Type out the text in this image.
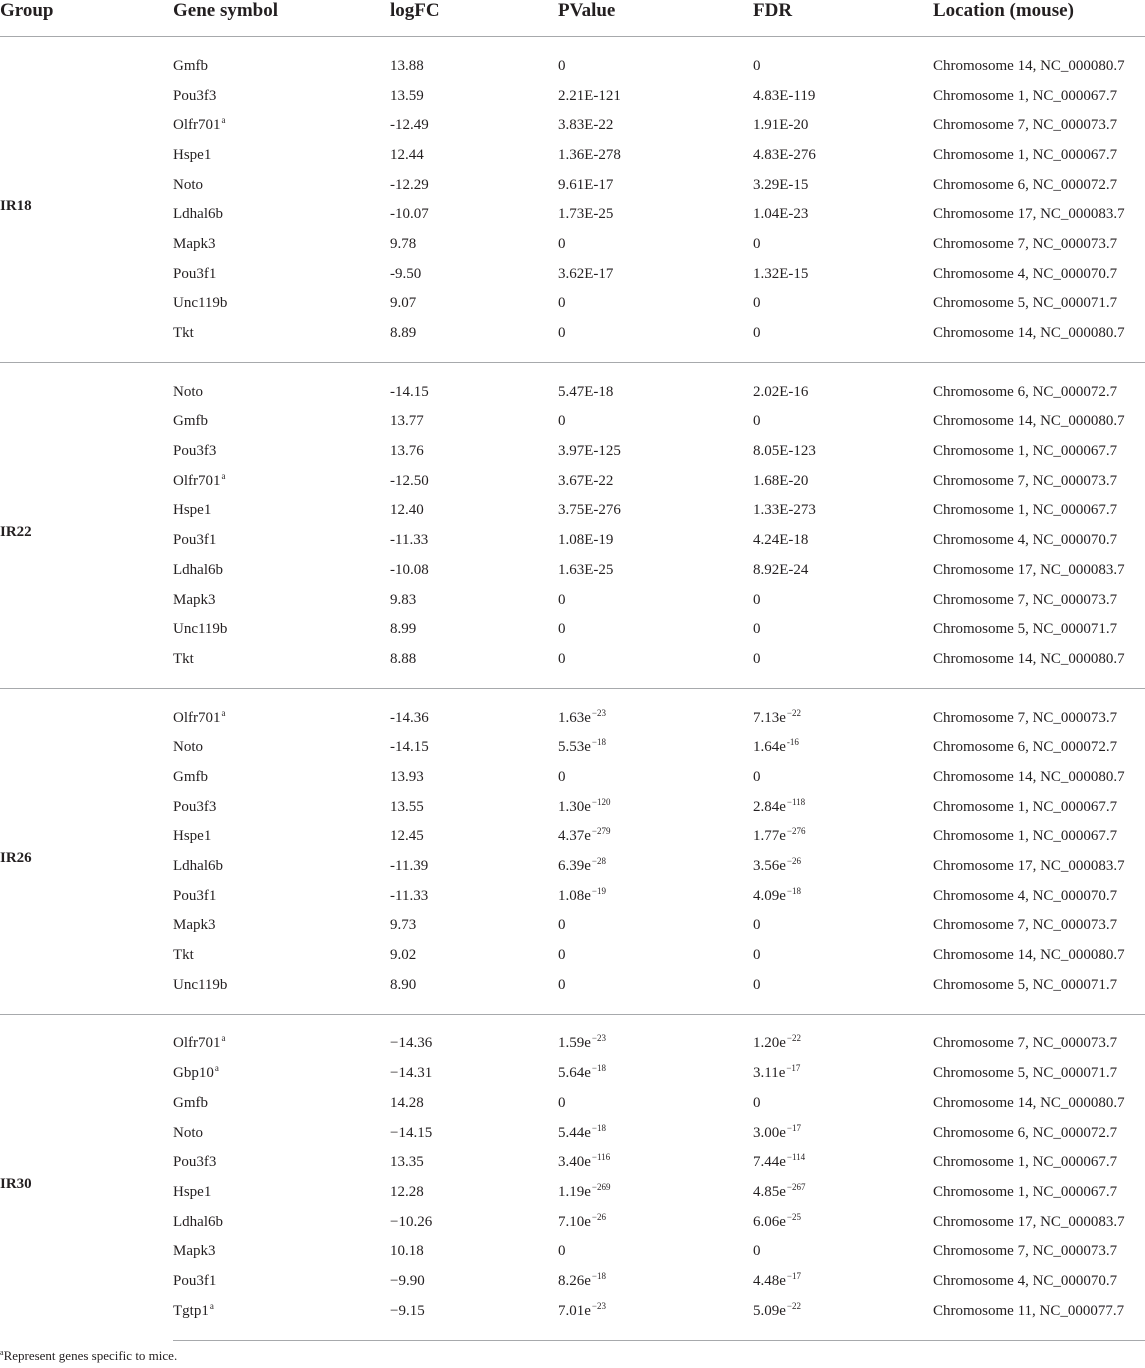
Group	Gene symbol	logFC	PValue	FDR	Location (mouse)
IR18	Gmfb	13.88	0	0	Chromosome 14, NC_000080.7
	Pou3f3	13.59	2.21E-121	4.83E-119	Chromosome 1, NC_000067.7
	Olfr701$^a$	-12.49	3.83E-22	1.91E-20	Chromosome 7, NC_000073.7
	Hspe1	12.44	1.36E-278	4.83E-276	Chromosome 1, NC_000067.7
	Noto	-12.29	9.61E-17	3.29E-15	Chromosome 6, NC_000072.7
	Ldhal6b	-10.07	1.73E-25	1.04E-23	Chromosome 17, NC_000083.7
	Mapk3	9.78	0	0	Chromosome 7, NC_000073.7
	Pou3f1	-9.50	3.62E-17	1.32E-15	Chromosome 4, NC_000070.7
	Unc119b	9.07	0	0	Chromosome 5, NC_000071.7
	Tkt	8.89	0	0	Chromosome 14, NC_000080.7
IR22	Noto	-14.15	5.47E-18	2.02E-16	Chromosome 6, NC_000072.7
	Gmfb	13.77	0	0	Chromosome 14, NC_000080.7
	Pou3f3	13.76	3.97E-125	8.05E-123	Chromosome 1, NC_000067.7
	Olfr701$^a$	-12.50	3.67E-22	1.68E-20	Chromosome 7, NC_000073.7
	Hspe1	12.40	3.75E-276	1.33E-273	Chromosome 1, NC_000067.7
	Pou3f1	-11.33	1.08E-19	4.24E-18	Chromosome 4, NC_000070.7
	Ldhal6b	-10.08	1.63E-25	8.92E-24	Chromosome 17, NC_000083.7
	Mapk3	9.83	0	0	Chromosome 7, NC_000073.7
	Unc119b	8.99	0	0	Chromosome 5, NC_000071.7
	Tkt	8.88	0	0	Chromosome 14, NC_000080.7
IR26	Olfr701$^a$	-14.36	$1.63e^{-23}$	$7.13e^{-22}$	Chromosome 7, NC_000073.7
	Noto	-14.15	$5.53e^{-18}$	$1.64e^{-16}$	Chromosome 6, NC_000072.7
	Gmfb	13.93	0	0	Chromosome 14, NC_000080.7
	Pou3f3	13.55	$1.30e^{-120}$	$2.84e^{-118}$	Chromosome 1, NC_000067.7
	Hspe1	12.45	$4.37e^{-279}$	$1.77e^{-276}$	Chromosome 1, NC_000067.7
	Ldhal6b	-11.39	$6.39e^{-28}$	$3.56e^{-26}$	Chromosome 17, NC_000083.7
	Pou3f1	-11.33	$1.08e^{-19}$	$4.09e^{-18}$	Chromosome 4, NC_000070.7
	Mapk3	9.73	0	0	Chromosome 7, NC_000073.7
	Tkt	9.02	0	0	Chromosome 14, NC_000080.7
	Unc119b	8.90	0	0	Chromosome 5, NC_000071.7
IR30	$Olfr701^a$	−14.36	$1.59e^{-23}$	$1.20e^{-22}$	Chromosome 7, NC_000073.7
	$Gbp10^a$	−14.31	$5.64e^{-18}$	$3.11e^{-17}$	Chromosome 5, NC_000071.7
	Gmfb	14.28	0	0	Chromosome 14, NC_000080.7
	Noto	−14.15	$5.44e^{-18}$	$3.00e^{-17}$	Chromosome 6, NC_000072.7
	Pou3f3	13.35	$3.40e^{-116}$	$7.44e^{-114}$	Chromosome 1, NC_000067.7
	Hspe1	12.28	$1.19e^{-269}$	$4.85e^{-267}$	Chromosome 1, NC_000067.7
	Ldhal6b	−10.26	$7.10e^{-26}$	$6.06e^{-25}$	Chromosome 17, NC_000083.7
	Mapk3	10.18	0	0	Chromosome 7, NC_000073.7
	Pou3f1	−9.90	$8.26e^{-18}$	$4.48e^{-17}$	Chromosome 4, NC_000070.7
	$Tgtp1^a$	−9.15	$7.01e^{-23}$	$5.09e^{-22}$	Chromosome 11, NC_000077.7
$^a$Represent genes specific to mice.
